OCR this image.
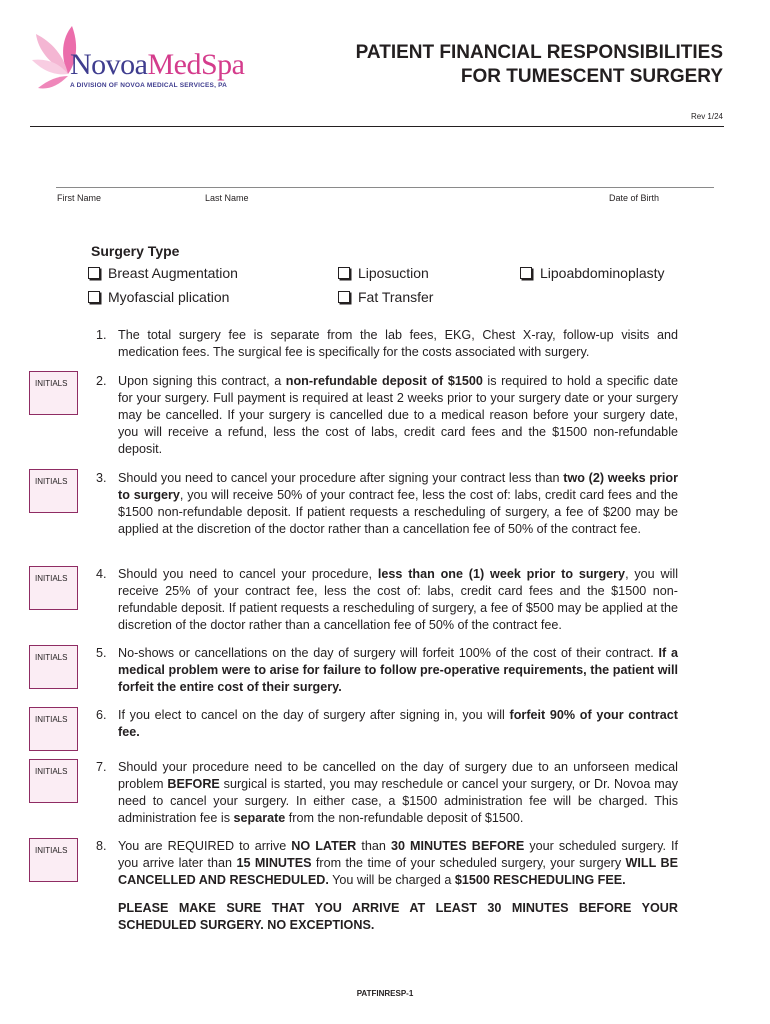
NovoaMedSpa
A DIVISION OF NOVOA MEDICAL SERVICES, PA
PATIENT FINANCIAL RESPONSIBILITIES
FOR TUMESCENT SURGERY
Rev 1/24
First Name	Last Name	Date of Birth
Surgery Type
Breast Augmentation	Liposuction	Lipoabdominoplasty
Myofascial plication	Fat Transfer
INITIALS
INITIALS
INITIALS
INITIALS
INITIALS
INITIALS
INITIALS
1. The total surgery fee is separate from the lab fees, EKG, Chest X-ray, follow-up visits and medication fees. The surgical fee is specifically for the costs associated with surgery.
2. Upon signing this contract, a non-refundable deposit of $1500 is required to hold a specific date for your surgery. Full payment is required at least 2 weeks prior to your surgery date or your surgery may be cancelled. If your surgery is cancelled due to a medical reason before your surgery date, you will receive a refund, less the cost of labs, credit card fees and the $1500 non-refundable deposit.
3. Should you need to cancel your procedure after signing your contract less than two (2) weeks prior to surgery, you will receive 50% of your contract fee, less the cost of: labs, credit card fees and the $1500 non-refundable deposit. If patient requests a rescheduling of surgery, a fee of $200 may be applied at the discretion of the doctor rather than a cancellation fee of 50% of the contract fee.
4. Should you need to cancel your procedure, less than one (1) week prior to surgery, you will receive 25% of your contract fee, less the cost of: labs, credit card fees and the $1500 non-refundable deposit. If patient requests a rescheduling of surgery, a fee of $500 may be applied at the discretion of the doctor rather than a cancellation fee of 50% of the contract fee.
5. No-shows or cancellations on the day of surgery will forfeit 100% of the cost of their contract. If a medical problem were to arise for failure to follow pre-operative requirements, the patient will forfeit the entire cost of their surgery.
6. If you elect to cancel on the day of surgery after signing in, you will forfeit 90% of your contract fee.
7. Should your procedure need to be cancelled on the day of surgery due to an unforseen medical problem BEFORE surgical is started, you may reschedule or cancel your surgery, or Dr. Novoa may need to cancel your surgery. In either case, a $1500 administration fee will be charged. This administration fee is separate from the non-refundable deposit of $1500.
8. You are REQUIRED to arrive NO LATER than 30 MINUTES BEFORE your scheduled surgery. If you arrive later than 15 MINUTES from the time of your scheduled surgery, your surgery WILL BE CANCELLED AND RESCHEDULED. You will be charged a $1500 RESCHEDULING FEE.
PLEASE MAKE SURE THAT YOU ARRIVE AT LEAST 30 MINUTES BEFORE YOUR SCHEDULED SURGERY. NO EXCEPTIONS.
PATFINRESP-1
